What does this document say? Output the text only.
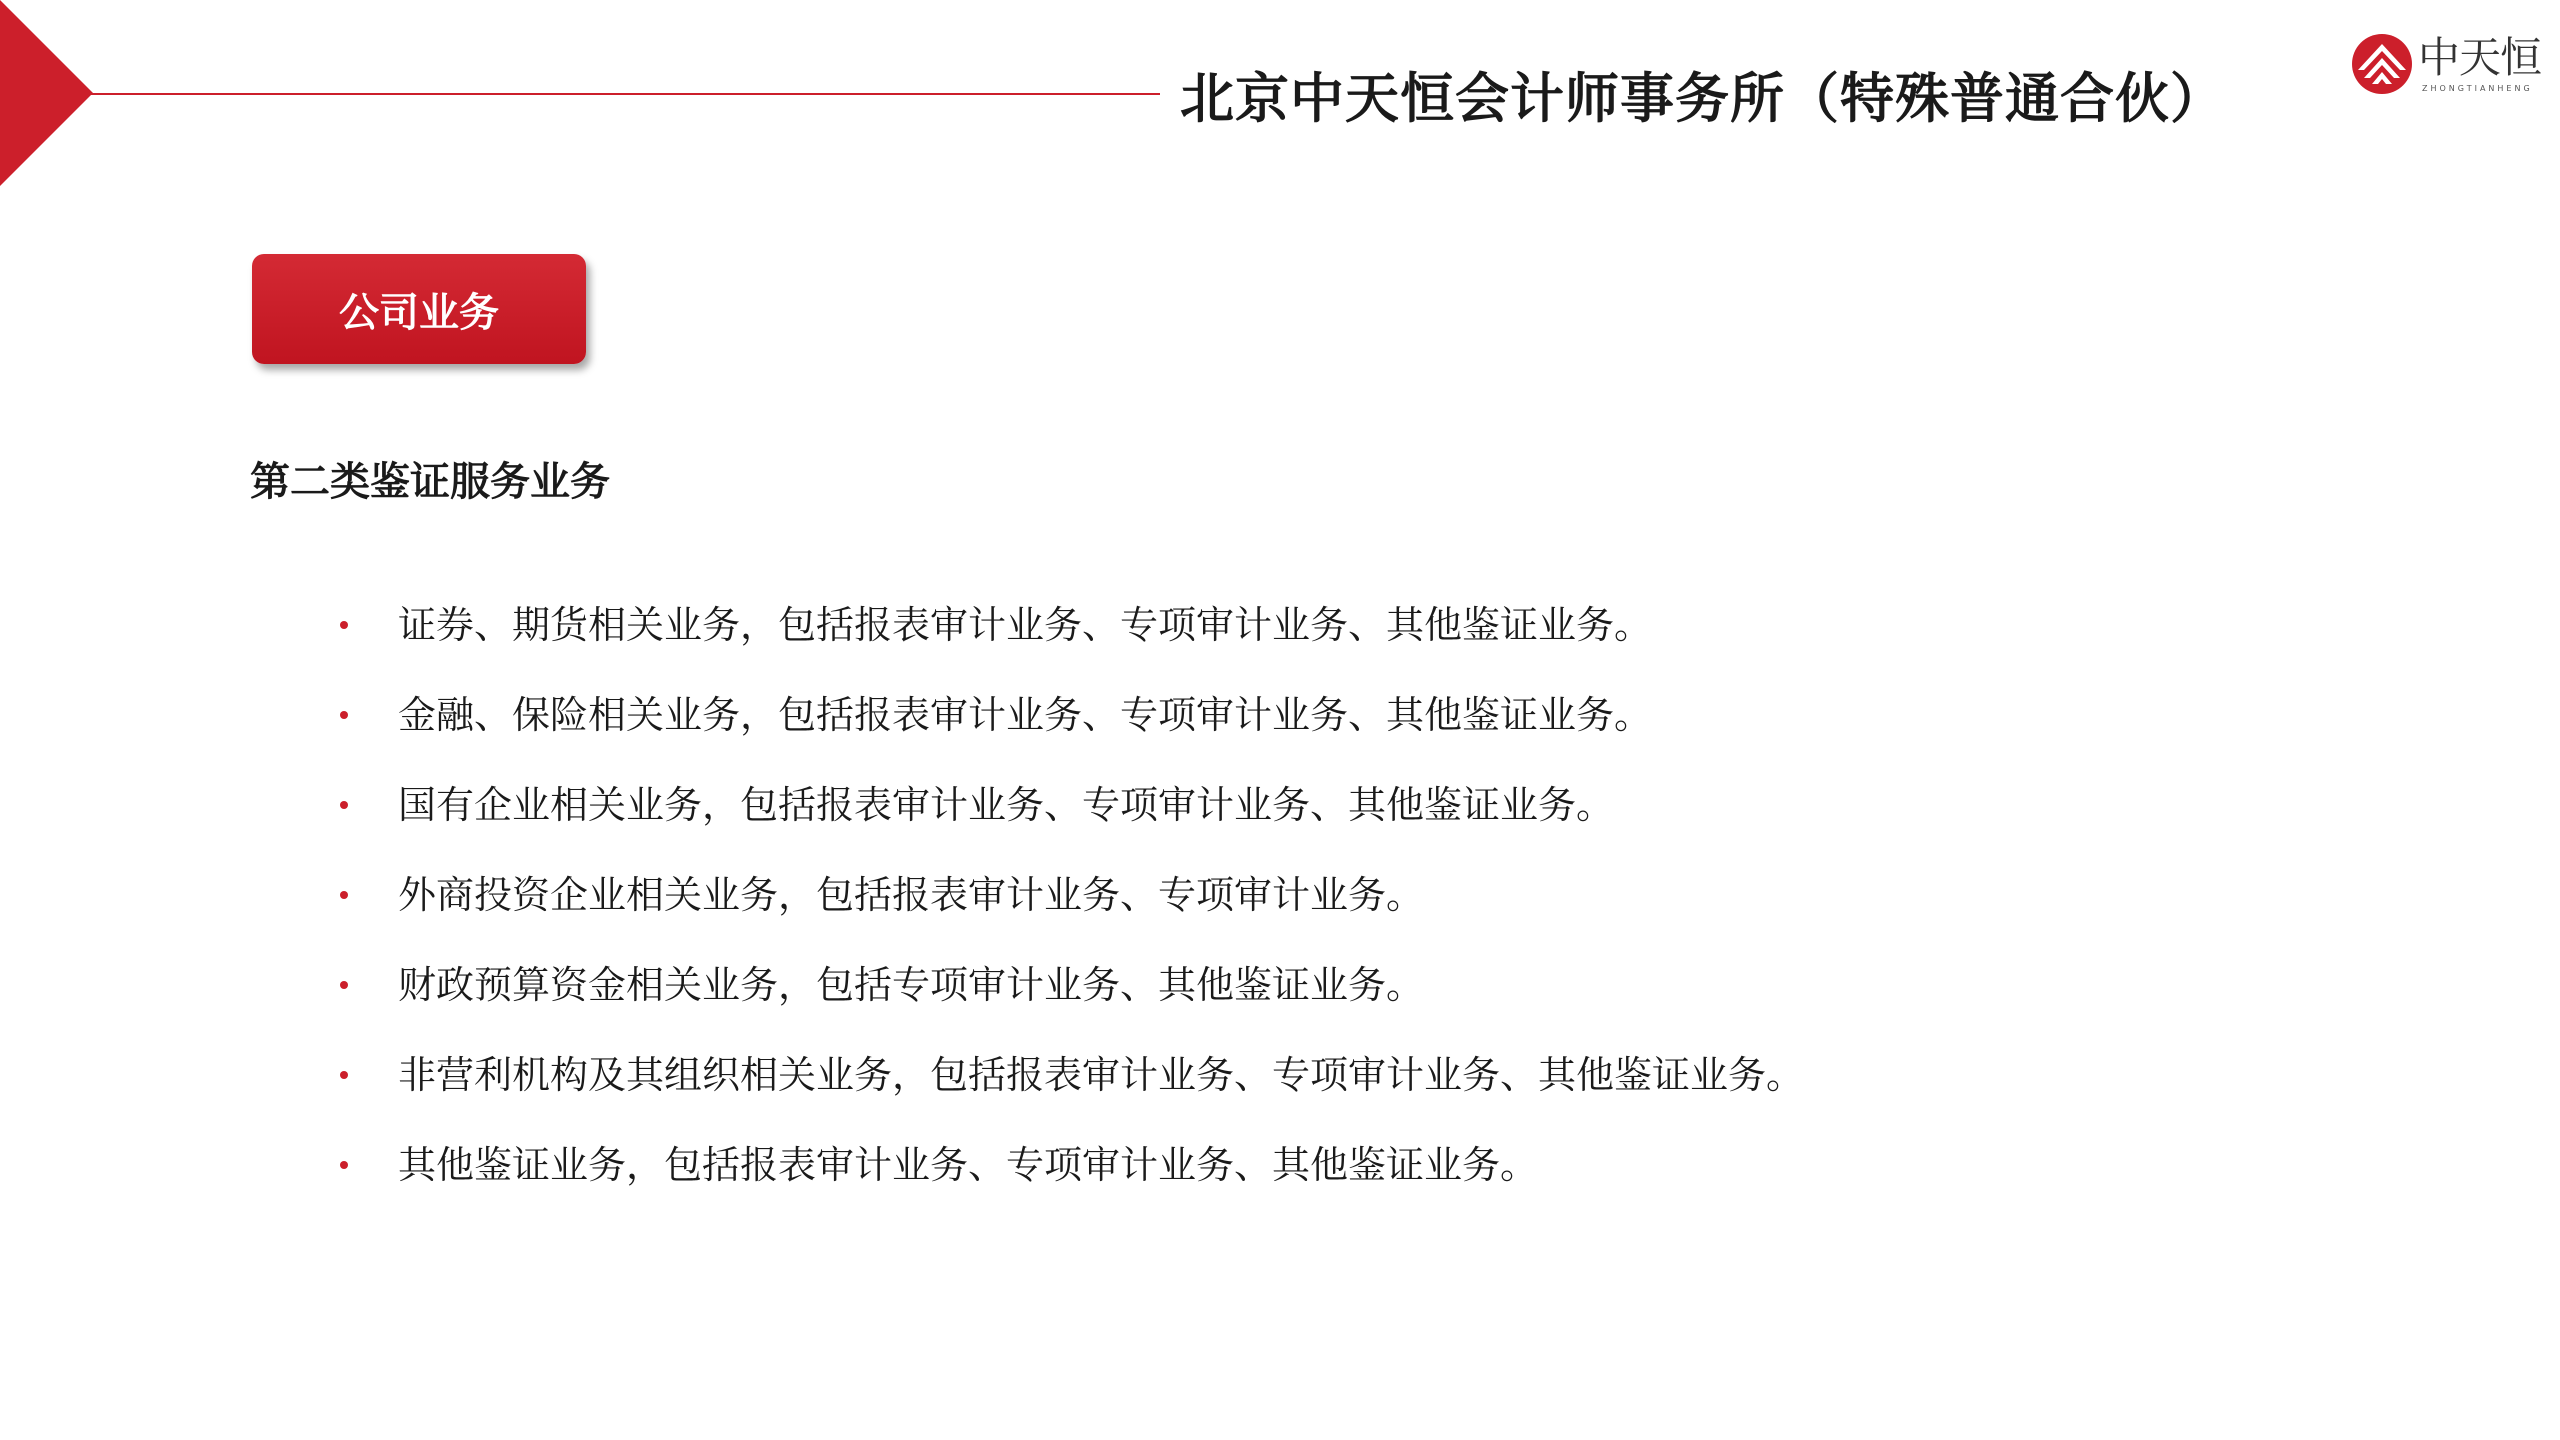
北京中天恒会计师事务所（特殊普通合伙）
中天恒
ZHONGTIANHENG
公司业务
第二类鉴证服务业务
证券、期货相关业务，包括报表审计业务、专项审计业务、其他鉴证业务。
金融、保险相关业务，包括报表审计业务、专项审计业务、其他鉴证业务。
国有企业相关业务，包括报表审计业务、专项审计业务、其他鉴证业务。
外商投资企业相关业务，包括报表审计业务、专项审计业务。
财政预算资金相关业务，包括专项审计业务、其他鉴证业务。
非营利机构及其组织相关业务，包括报表审计业务、专项审计业务、其他鉴证业务。
其他鉴证业务，包括报表审计业务、专项审计业务、其他鉴证业务。
